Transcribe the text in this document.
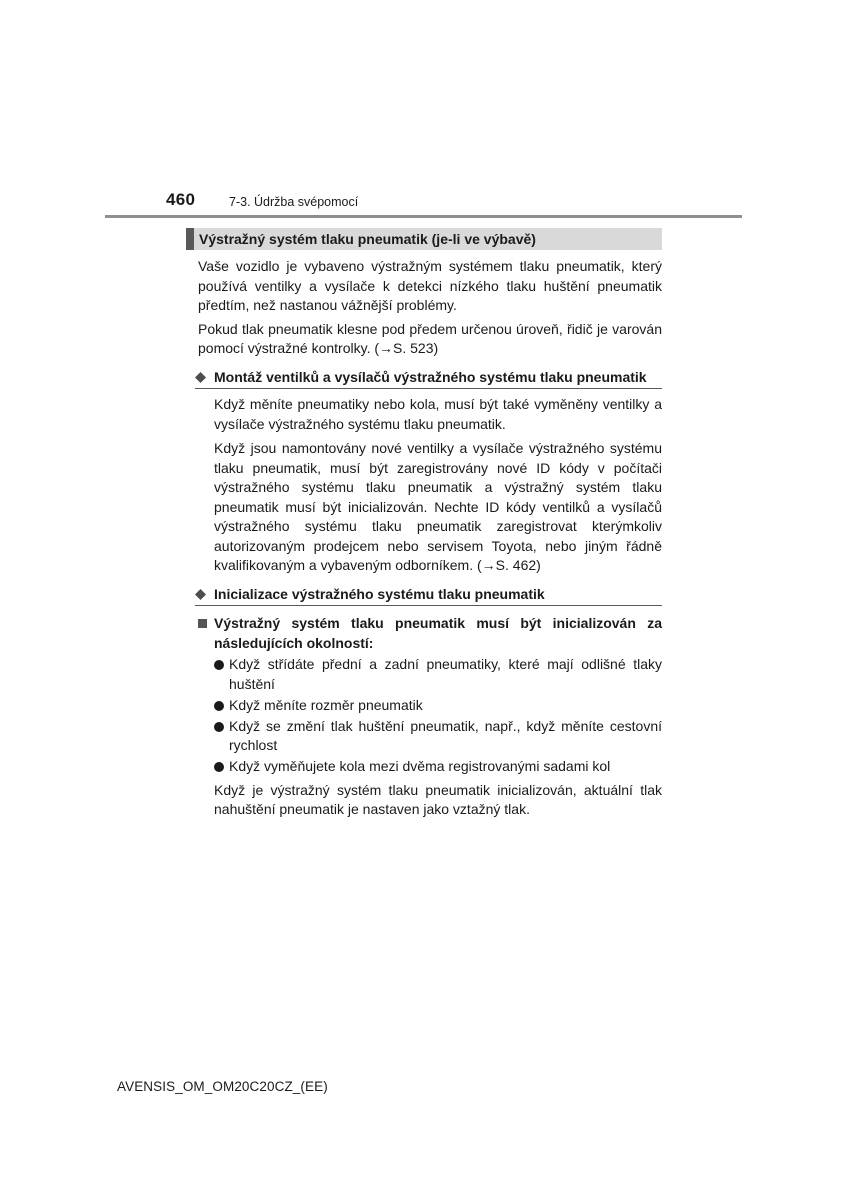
460	7-3. Údržba svépomocí
Výstražný systém tlaku pneumatik (je-li ve výbavě)

Vaše vozidlo je vybaveno výstražným systémem tlaku pneumatik, který používá ventilky a vysílače k detekci nízkého tlaku huštění pneumatik předtím, než nastanou vážnější problémy.

Pokud tlak pneumatik klesne pod předem určenou úroveň, řidič je varován pomocí výstražné kontrolky. (→S. 523)

Montáž ventilků a vysílačů výstražného systému tlaku pneumatik

Když měníte pneumatiky nebo kola, musí být také vyměněny ventilky a vysílače výstražného systému tlaku pneumatik.

Když jsou namontovány nové ventilky a vysílače výstražného systému tlaku pneumatik, musí být zaregistrovány nové ID kódy v počítači výstražného systému tlaku pneumatik a výstražný systém tlaku pneumatik musí být inicializován. Nechte ID kódy ventilků a vysílačů výstražného systému tlaku pneumatik zaregistrovat kterýmkoliv autorizovaným prodejcem nebo servisem Toyota, nebo jiným řádně kvalifikovaným a vybaveným odborníkem. (→S. 462)

Inicializace výstražného systému tlaku pneumatik
Výstražný systém tlaku pneumatik musí být inicializován za následujících okolností:
Když střídáte přední a zadní pneumatiky, které mají odlišné tlaky huštění
Když měníte rozměr pneumatik
Když se změní tlak huštění pneumatik, např., když měníte cestovní rychlost
Když vyměňujete kola mezi dvěma registrovanými sadami kol

Když je výstražný systém tlaku pneumatik inicializován, aktuální tlak nahuštění pneumatik je nastaven jako vztažný tlak.

AVENSIS_OM_OM20C20CZ_(EE)
